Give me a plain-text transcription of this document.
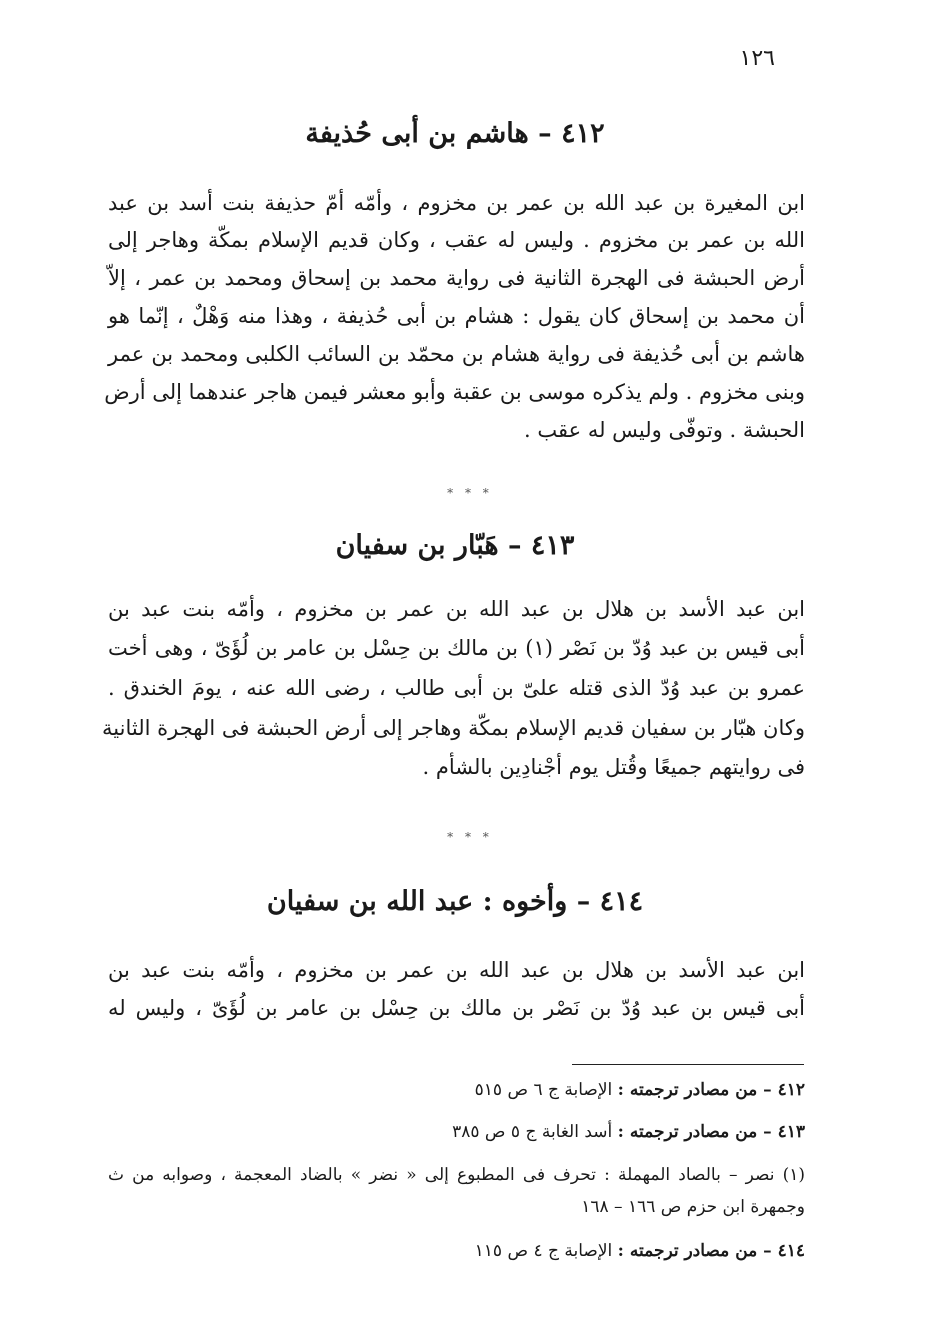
١٢٦
٤١٢ – هاشم بن أبى حُذيفة
ابن المغيرة بن عبد الله بن عمر بن مخزوم ، وأمّه أمّ حذيفة بنت أسد بن عبد
الله بن عمر بن مخزوم . وليس له عقب ، وكان قديم الإسلام بمكّة وهاجر إلى
أرض الحبشة فى الهجرة الثانية فى رواية محمد بن إسحاق ومحمد بن عمر ، إلاّ
أن محمد بن إسحاق كان يقول : هشام بن أبى حُذيفة ، وهذا منه وَهْلٌ ، إنّما هو
هاشم بن أبى حُذيفة فى رواية هشام بن محمّد بن السائب الكلبى ومحمد بن عمر
وبنى مخزوم . ولم يذكره موسى بن عقبة وأبو معشر فيمن هاجر عندهما إلى أرض
الحبشة . وتوفّى وليس له عقب .
* * *
٤١٣ – هَبّار بن سفيان
ابن عبد الأسد بن هلال بن عبد الله بن عمر بن مخزوم ، وأمّه بنت عبد بن
أبى قيس بن عبد وُدّ بن نَصْر (١) بن مالك بن حِسْل بن عامر بن لُؤَىّ ، وهى أخت
عمرو بن عبد وُدّ الذى قتله علىّ بن أبى طالب ، رضى الله عنه ، يومَ الخندق .
وكان هبّار بن سفيان قديم الإسلام بمكّة وهاجر إلى أرض الحبشة فى الهجرة الثانية
فى روايتهم جميعًا وقُتل يوم أجْنادِين بالشأم .
* * *
٤١٤ – وأخوه : عبد الله بن سفيان
ابن عبد الأسد بن هلال بن عبد الله بن عمر بن مخزوم ، وأمّه بنت عبد بن
أبى قيس بن عبد وُدّ بن نَصْر بن مالك بن حِسْل بن عامر بن لُؤَىّ ، وليس له
٤١٢ – من مصادر ترجمته : الإصابة ج ٦ ص ٥١٥
٤١٣ – من مصادر ترجمته : أسد الغابة ج ٥ ص ٣٨٥
(١) نصر – بالصاد المهملة : تحرف فى المطبوع إلى « نضر » بالضاد المعجمة ، وصوابه من ث
وجمهرة ابن حزم ص ١٦٦ – ١٦٨
٤١٤ – من مصادر ترجمته : الإصابة ج ٤ ص ١١٥
